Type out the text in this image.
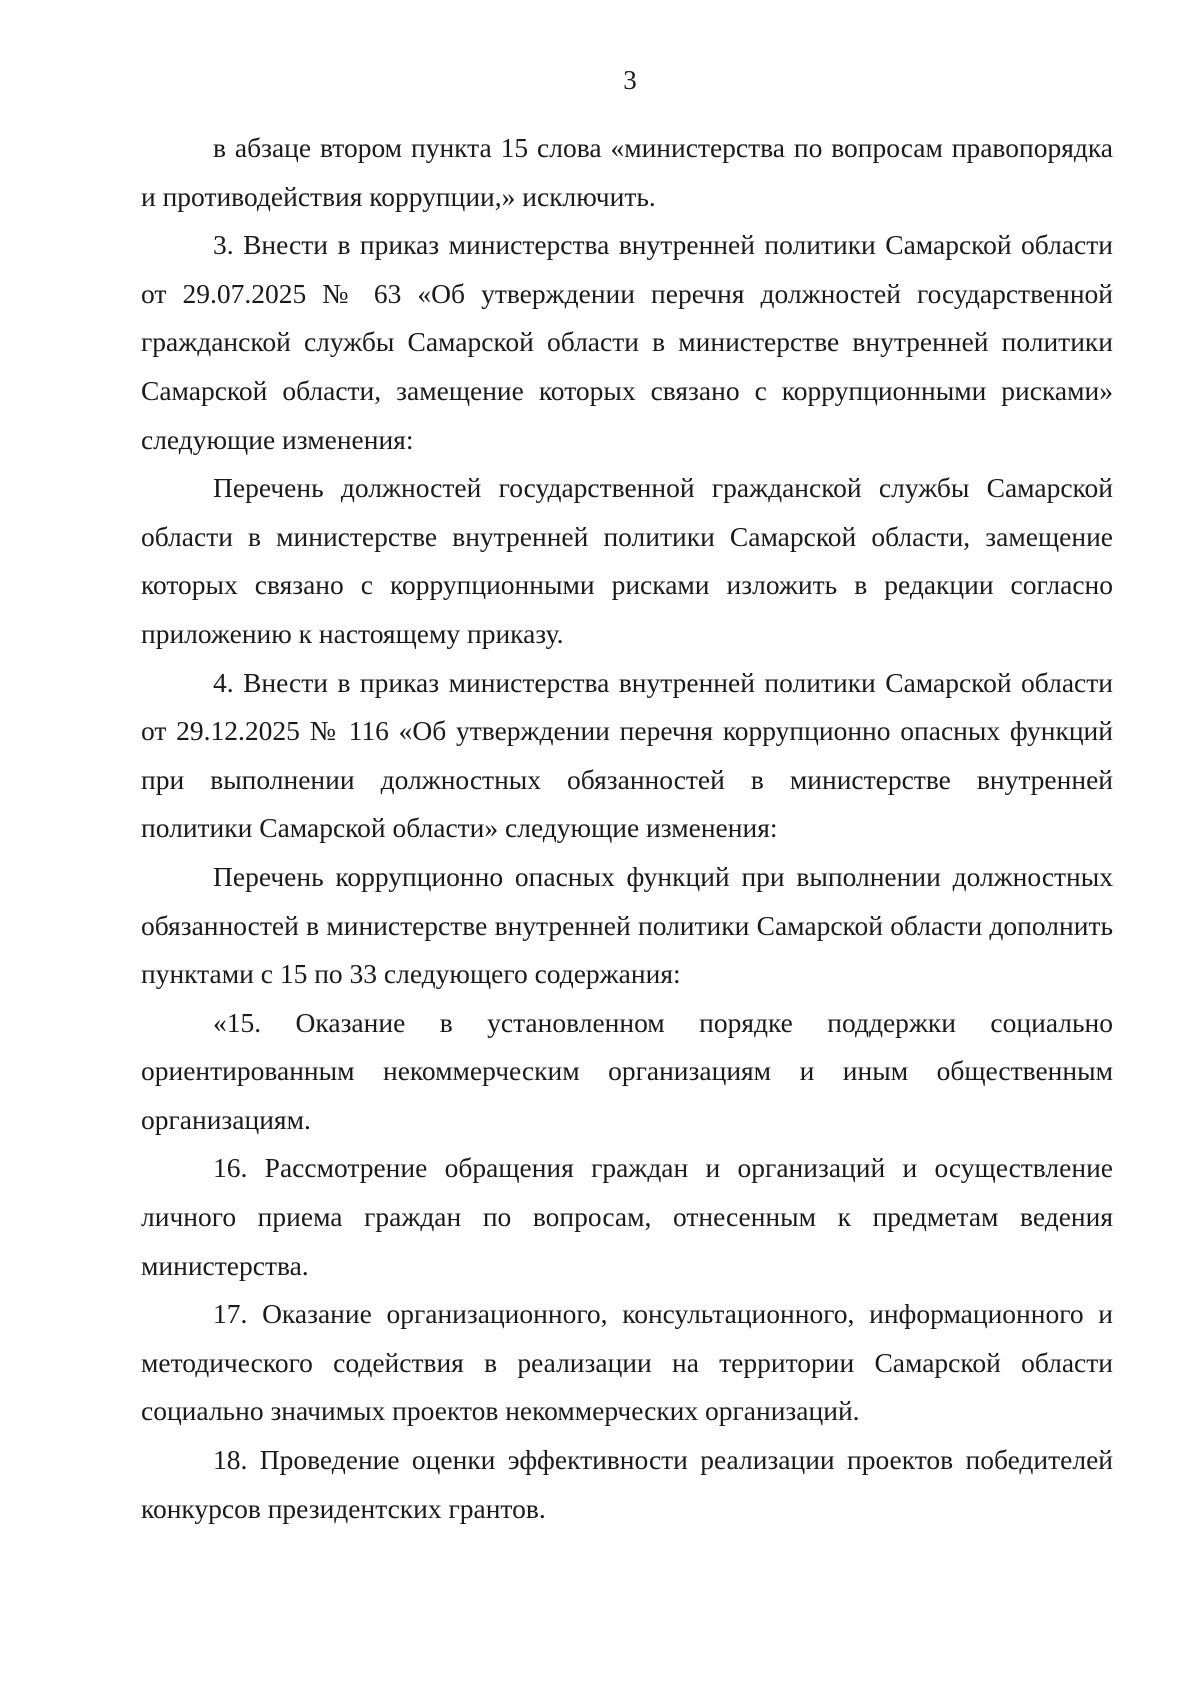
3

в абзаце втором пункта 15 слова «министерства по вопросам правопорядка и противодействия коррупции,» исключить.

3. Внести в приказ министерства внутренней политики Самарской области от 29.07.2025 № 63 «Об утверждении перечня должностей государственной гражданской службы Самарской области в министерстве внутренней политики Самарской области, замещение которых связано с коррупционными рисками» следующие изменения:

Перечень должностей государственной гражданской службы Самарской области в министерстве внутренней политики Самарской области, замещение которых связано с коррупционными рисками изложить в редакции согласно приложению к настоящему приказу.

4. Внести в приказ министерства внутренней политики Самарской области от 29.12.2025 № 116 «Об утверждении перечня коррупционно опасных функций при выполнении должностных обязанностей в министерстве внутренней политики Самарской области» следующие изменения:

Перечень коррупционно опасных функций при выполнении должностных обязанностей в министерстве внутренней политики Самарской области дополнить пунктами с 15 по 33 следующего содержания:

«15. Оказание в установленном порядке поддержки социально ориентированным некоммерческим организациям и иным общественным организациям.

16. Рассмотрение обращения граждан и организаций и осуществление личного приема граждан по вопросам, отнесенным к предметам ведения министерства.

17. Оказание организационного, консультационного, информационного и методического содействия в реализации на территории Самарской области социально значимых проектов некоммерческих организаций.

18. Проведение оценки эффективности реализации проектов победителей конкурсов президентских грантов.
